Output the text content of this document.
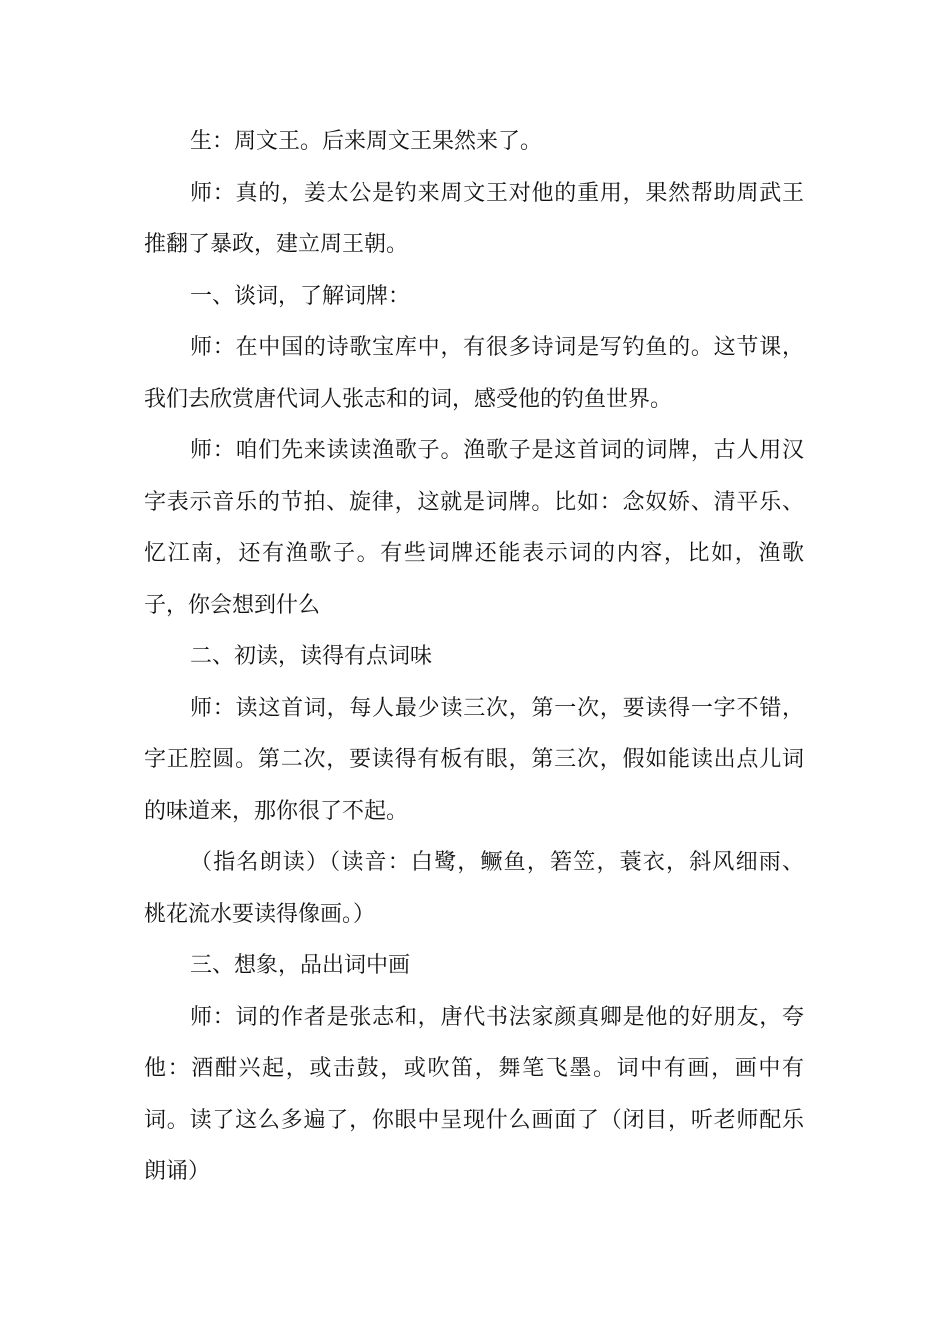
生：周文王。后来周文王果然来了。
师：真的，姜太公是钓来周文王对他的重用，果然帮助周武王
推翻了暴政，建立周王朝。
一、谈词，了解词牌：
师：在中国的诗歌宝库中，有很多诗词是写钓鱼的。这节课，
我们去欣赏唐代词人张志和的词，感受他的钓鱼世界。
师：咱们先来读读渔歌子。渔歌子是这首词的词牌，古人用汉
字表示音乐的节拍、旋律，这就是词牌。比如：念奴娇、清平乐、
忆江南，还有渔歌子。有些词牌还能表示词的内容，比如，渔歌
子，你会想到什么
二、初读，读得有点词味
师：读这首词，每人最少读三次，第一次，要读得一字不错，
字正腔圆。第二次，要读得有板有眼，第三次，假如能读出点儿词
的味道来，那你很了不起。
（指名朗读）（读音：白鹭，鳜鱼，箬笠，蓑衣，斜风细雨、
桃花流水要读得像画。）
三、想象，品出词中画
师：词的作者是张志和，唐代书法家颜真卿是他的好朋友，夸
他：酒酣兴起，或击鼓，或吹笛，舞笔飞墨。词中有画，画中有
词。读了这么多遍了，你眼中呈现什么画面了（闭目，听老师配乐
朗诵）
